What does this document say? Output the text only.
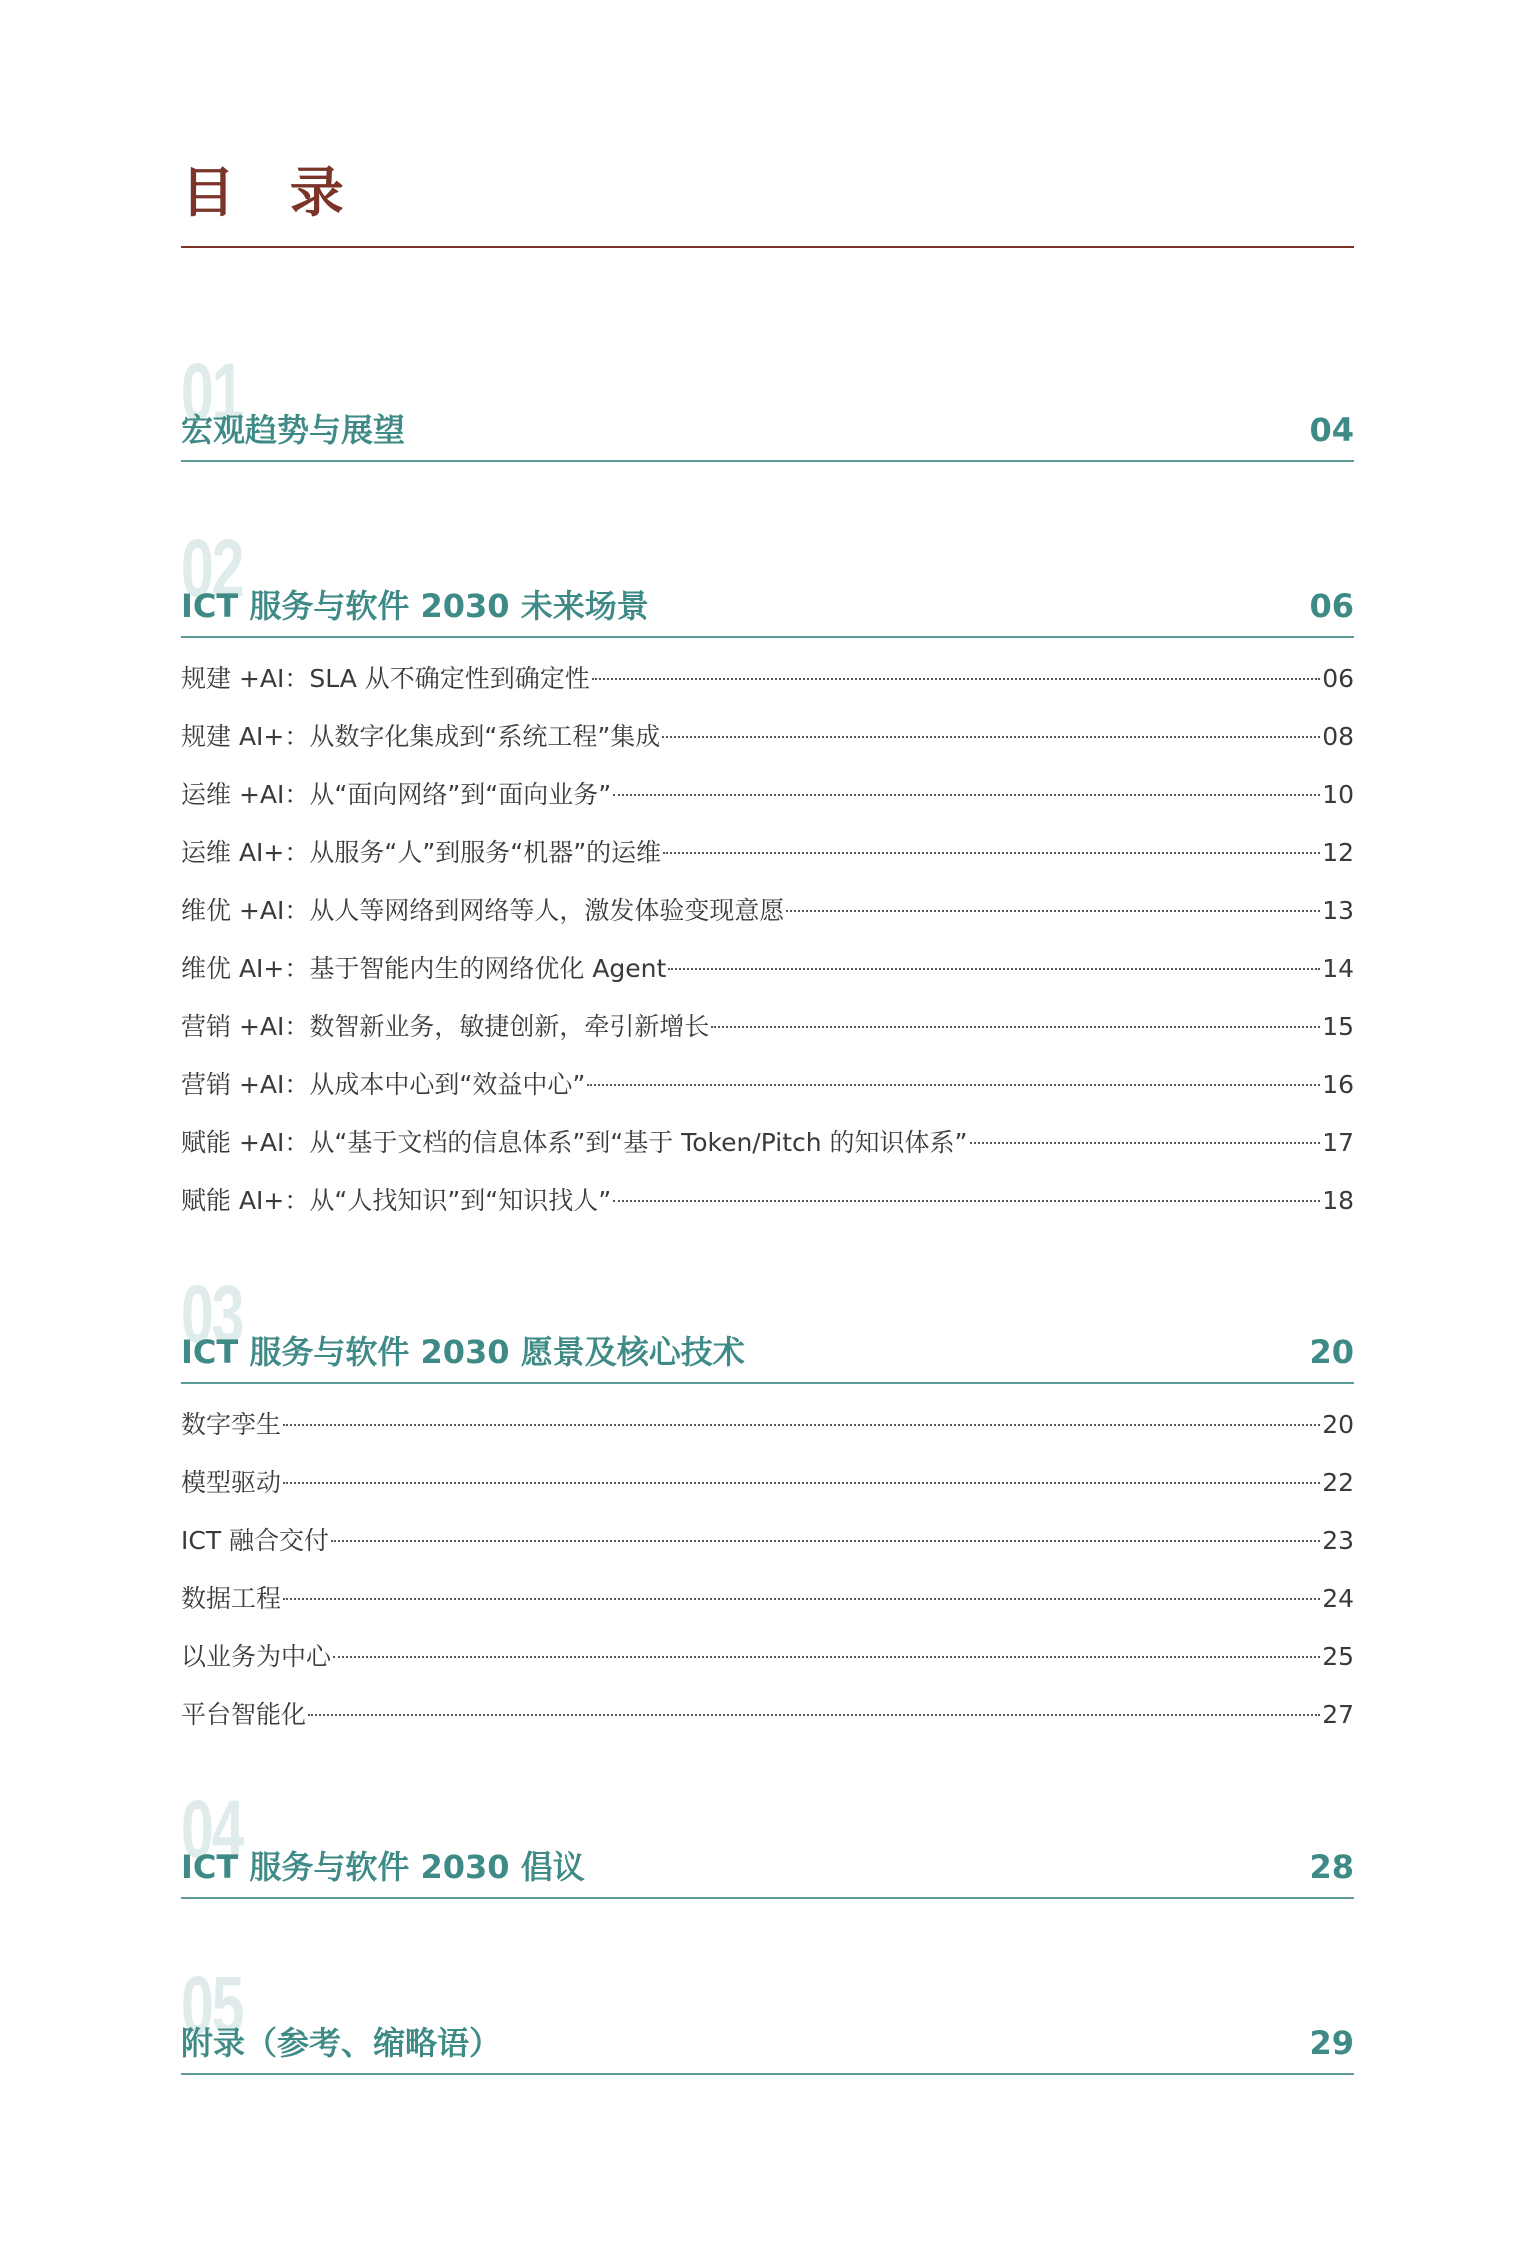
目 录
01
宏观趋势与展望	04
02
ICT 服务与软件 2030 未来场景	06
规建 +AI：SLA 从不确定性到确定性	06
规建 AI+：从数字化集成到“系统工程”集成	08
运维 +AI：从“面向网络”到“面向业务”	10
运维 AI+：从服务“人”到服务“机器”的运维	12
维优 +AI：从人等网络到网络等人，激发体验变现意愿	13
维优 AI+：基于智能内生的网络优化 Agent	14
营销 +AI：数智新业务，敏捷创新，牵引新增长	15
营销 +AI：从成本中心到“效益中心”	16
赋能 +AI：从“基于文档的信息体系”到“基于 Token/Pitch 的知识体系”	17
赋能 AI+：从“人找知识”到“知识找人”	18
03
ICT 服务与软件 2030 愿景及核心技术	20
数字孪生	20
模型驱动	22
ICT 融合交付	23
数据工程	24
以业务为中心	25
平台智能化	27
04
ICT 服务与软件 2030 倡议	28
05
附录（参考、缩略语）	29
